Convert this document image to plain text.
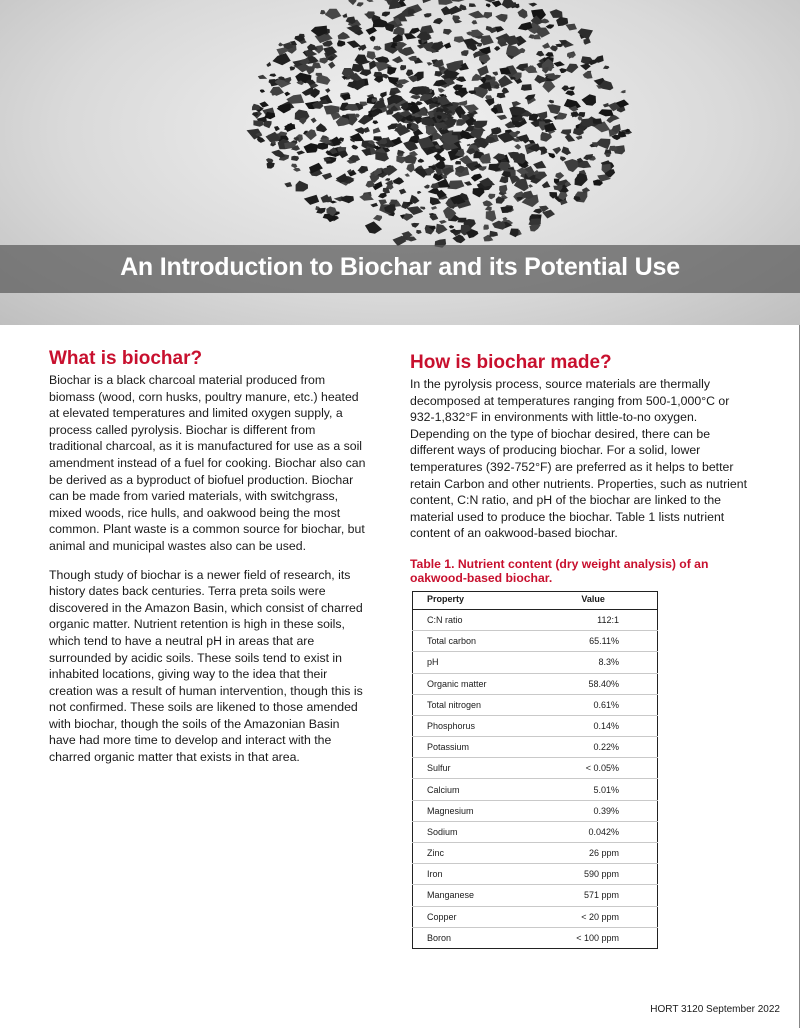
An Introduction to Biochar and its Potential Use
What is biochar?

Biochar is a black charcoal material produced from biomass (wood, corn husks, poultry manure, etc.) heated at elevated temperatures and limited oxygen supply, a process called pyrolysis. Biochar is different from traditional charcoal, as it is manufactured for use as a soil amendment instead of a fuel for cooking. Biochar also can be derived as a byproduct of biofuel production. Biochar can be made from varied materials, with switchgrass, mixed woods, rice hulls, and oakwood being the most common. Plant waste is a common source for biochar, but animal and municipal wastes also can be used.

Though study of biochar is a newer field of research, its history dates back centuries. Terra preta soils were discovered in the Amazon Basin, which consist of charred organic matter. Nutrient retention is high in these soils, which tend to have a neutral pH in areas that are surrounded by acidic soils. These soils tend to exist in inhabited locations, giving way to the idea that their creation was a result of human intervention, though this is not confirmed. These soils are likened to those amended with biochar, though the soils of the Amazonian Basin have had more time to develop and interact with the charred organic matter that exists in that area.

How is biochar made?

In the pyrolysis process, source materials are thermally decomposed at temperatures ranging from 500-1,000°C or 932-1,832°F in environments with little-to-no oxygen. Depending on the type of biochar desired, there can be different ways of producing biochar. For a solid, lower temperatures (392-752°F) are preferred as it helps to better retain Carbon and other nutrients. Properties, such as nutrient content, C:N ratio, and pH of the biochar are linked to the material used to produce the biochar. Table 1 lists nutrient content of an oakwood-based biochar.

Table 1. Nutrient content (dry weight analysis) of an oakwood-based biochar.
Property	Value
C:N ratio	112:1
Total carbon	65.11%
pH	8.3%
Organic matter	58.40%
Total nitrogen	0.61%
Phosphorus	0.14%
Potassium	0.22%
Sulfur	< 0.05%
Calcium	5.01%
Magnesium	0.39%
Sodium	0.042%
Zinc	26 ppm
Iron	590 ppm
Manganese	571 ppm
Copper	< 20 ppm
Boron	< 100 ppm
HORT 3120 September 2022
